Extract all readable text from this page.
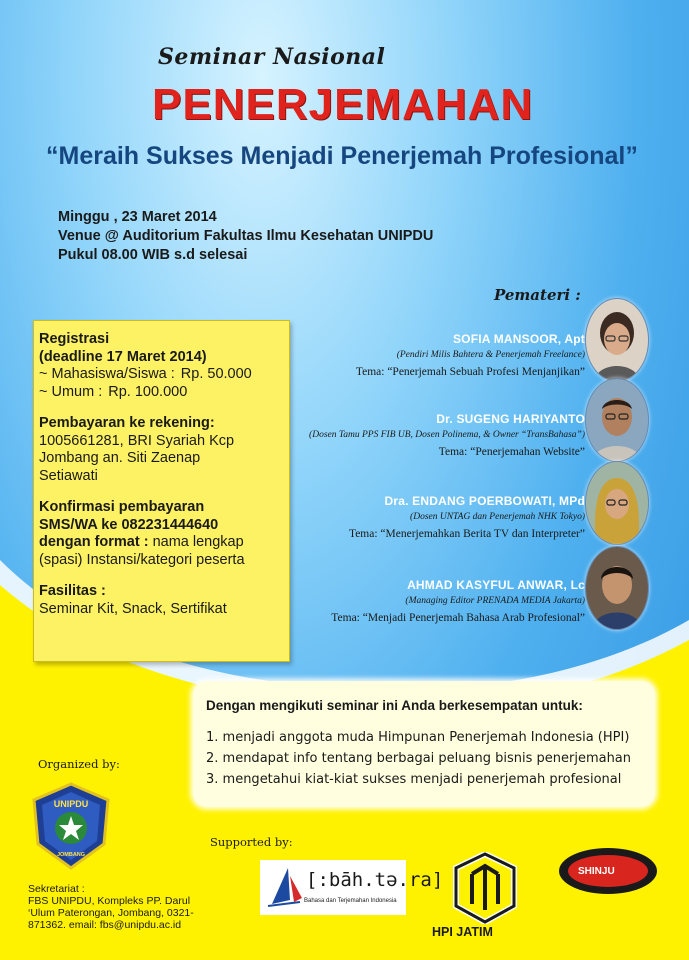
Seminar Nasional
PENERJEMAHAN
“Meraih Sukses Menjadi Penerjemah Profesional”
Minggu , 23 Maret 2014
Venue @ Auditorium Fakultas Ilmu Kesehatan UNIPDU
Pukul 08.00 WIB s.d selesai
Pemateri :
Registrasi
(deadline 17 Maret 2014)
~ Mahasiswa/Siswa : Rp. 50.000
~ Umum : Rp. 100.000
Pembayaran ke rekening:
1005661281, BRI Syariah Kcp
Jombang an. Siti Zaenap
Setiawati
Konfirmasi pembayaran
SMS/WA ke 082231444640
dengan format : nama lengkap
(spasi) Instansi/kategori peserta
Fasilitas :
Seminar Kit, Snack, Sertifikat
SOFIA MANSOOR, Apt
(Pendiri Milis Bahtera & Penerjemah Freelance)
Tema: “Penerjemah Sebuah Profesi Menjanjikan”
Dr. SUGENG HARIYANTO
(Dosen Tamu PPS FIB UB, Dosen Polinema, & Owner “TransBahasa”)
Tema: “Penerjemahan Website”
Dra. ENDANG POERBOWATI, MPd
(Dosen UNTAG dan Penerjemah NHK Tokyo)
Tema: “Menerjemahkan Berita TV dan Interpreter”
AHMAD KASYFUL ANWAR, Lc
(Managing Editor PRENADA MEDIA Jakarta)
Tema: “Menjadi Penerjemah Bahasa Arab Profesional”
Dengan mengikuti seminar ini Anda berkesempatan untuk:
1. menjadi anggota muda Himpunan Penerjemah Indonesia (HPI)
2. mendapat info tentang berbagai peluang bisnis penerjemahan
3. mengetahui kiat-kiat sukses menjadi penerjemah profesional
Organized by:
UNIPDU
JOMBANG
Sekretariat :
FBS UNIPDU, Kompleks PP. Darul
‘Ulum Paterongan, Jombang, 0321-
871362. email: fbs@unipdu.ac.id
Supported by:
[:bāh.tə.ra]
Bahasa dan Terjemahan Indonesia
HPI JATIM
SHINJU
